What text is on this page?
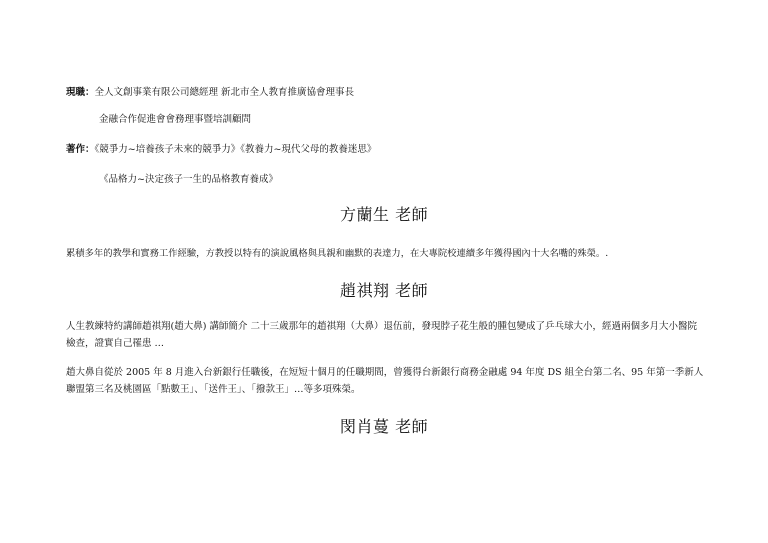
現職：全人文創事業有限公司總經理 新北市全人教育推廣協會理事長
金融合作促進會會務理事暨培訓顧問
著作：《競爭力~培養孩子未來的競爭力》《教養力~現代父母的教養迷思》
《品格力~決定孩子一生的品格教育養成》
方蘭生 老師
累積多年的教學和實務工作經驗，方教授以特有的演說風格與具親和幽默的表達力，在大專院校連續多年獲得國內十大名嘴的殊榮。.
趙祺翔 老師
人生教練特約講師趙祺翔(趙大鼻) 講師簡介 二十三歲那年的趙祺翔（大鼻）退伍前，發現脖子花生般的腫包變成了乒乓球大小，經過兩個多月大小醫院檢查，證實自己罹患 …
趙大鼻自從於 2005 年 8 月進入台新銀行任職後，在短短十個月的任職期間，曾獲得台新銀行商務金融處 94 年度 DS 組全台第二名、95 年第一季新人聯盟第三名及桃園區「點數王」、「送件王」、「撥款王」…等多項殊榮。
閔肖蔓 老師
